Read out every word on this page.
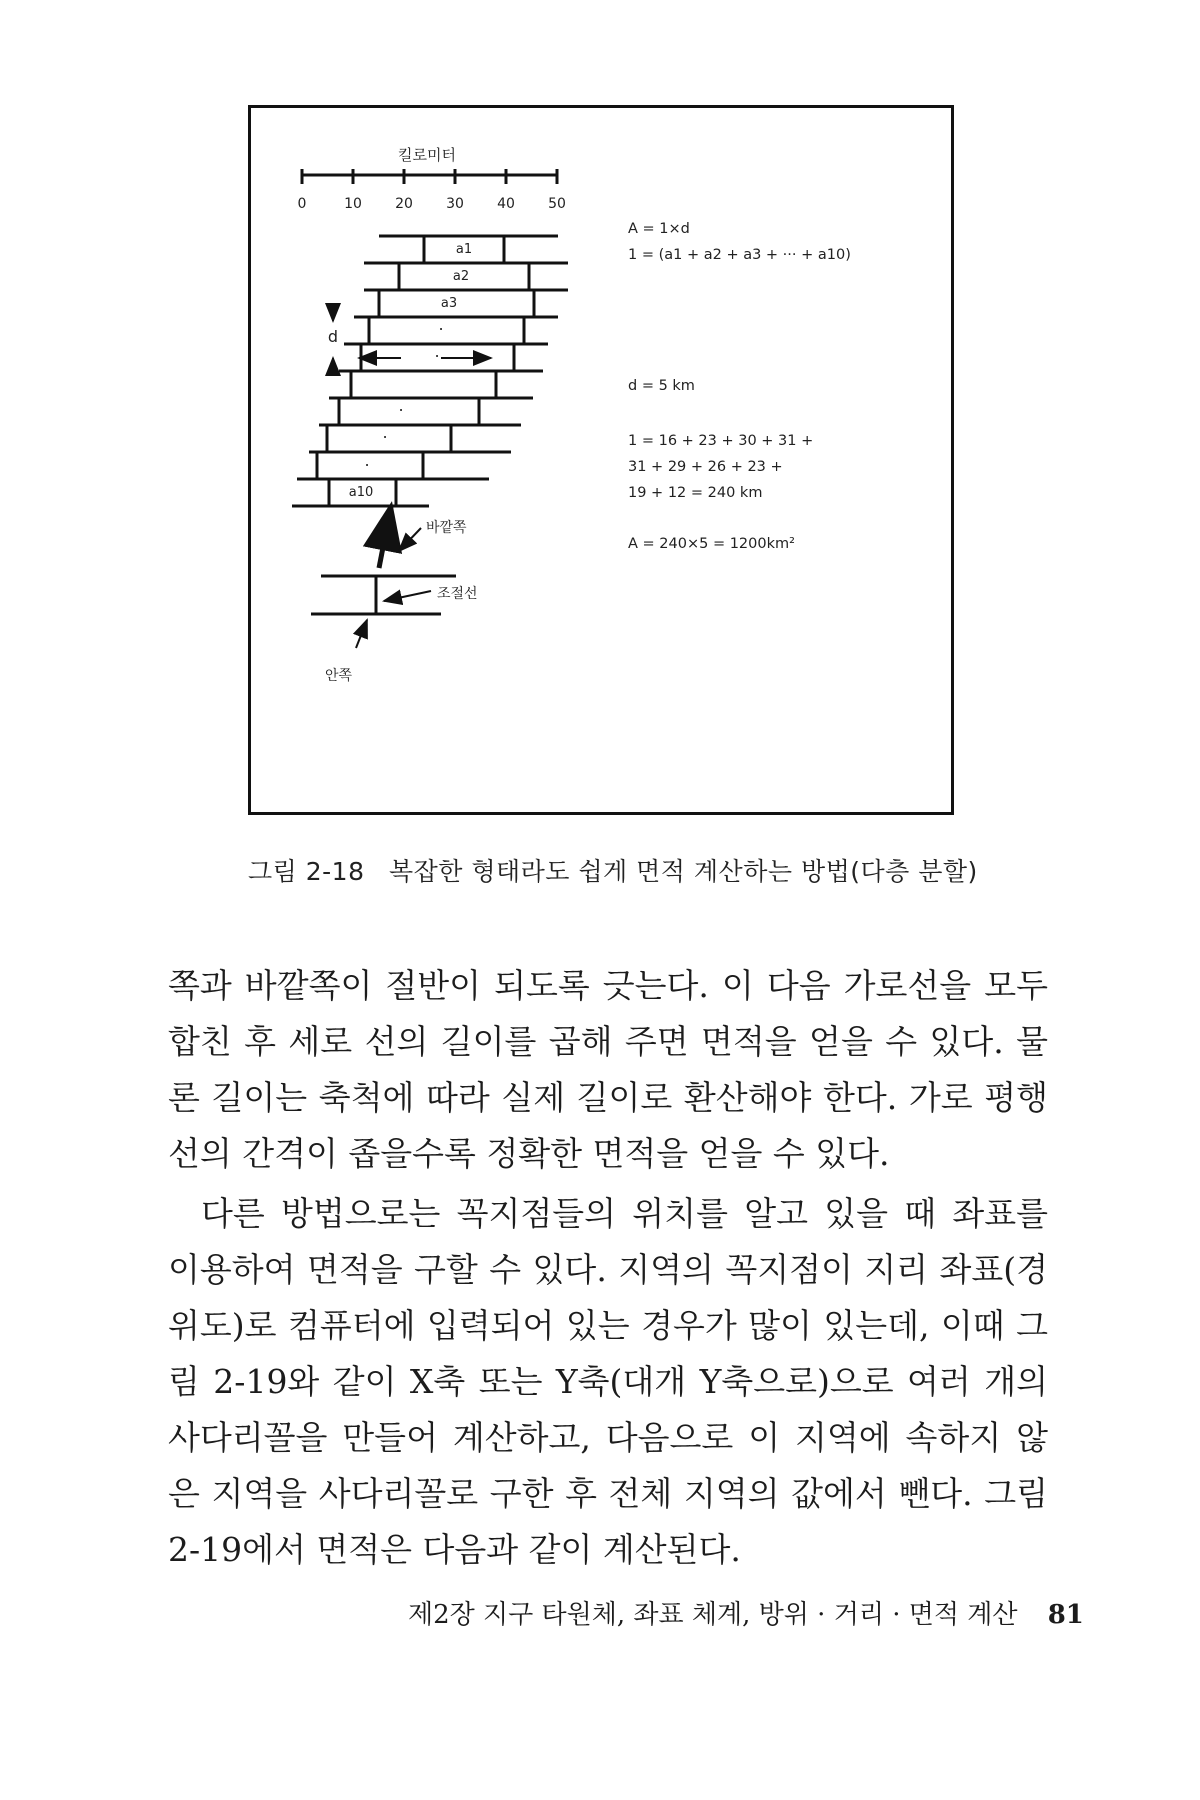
킬로미터
0	10 20 30 40 50
a1
a2
a3
a10
.
.
.
.
.
d
바깥쪽
조절선
안쪽
A = 1×d
1 = (a1 + a2 + a3 + ··· + a10)
d = 5 km
1 = 16 + 23 + 30 + 31 +
31 + 29 + 26 + 23 +
19 + 12 = 240 km
A = 240×5 = 1200km²
그림 2-18 복잡한 형태라도 쉽게 면적 계산하는 방법(다층 분할)

쪽과 바깥쪽이 절반이 되도록 긋는다. 이 다음 가로선을 모두 합친 후 세로 선의 길이를 곱해 주면 면적을 얻을 수 있다. 물론 길이는 축척에 따라 실제 길이로 환산해야 한다. 가로 평행선의 간격이 좁을수록 정확한 면적을 얻을 수 있다.

다른 방법으로는 꼭지점들의 위치를 알고 있을 때 좌표를 이용하여 면적을 구할 수 있다. 지역의 꼭지점이 지리 좌표(경위도)로 컴퓨터에 입력되어 있는 경우가 많이 있는데, 이때 그림 2-19와 같이 X축 또는 Y축(대개 Y축으로)으로 여러 개의 사다리꼴을 만들어 계산하고, 다음으로 이 지역에 속하지 않은 지역을 사다리꼴로 구한 후 전체 지역의 값에서 뺀다. 그림 2-19에서 면적은 다음과 같이 계산된다.

제2장 지구 타원체, 좌표 체계, 방위 · 거리 · 면적 계산 81
